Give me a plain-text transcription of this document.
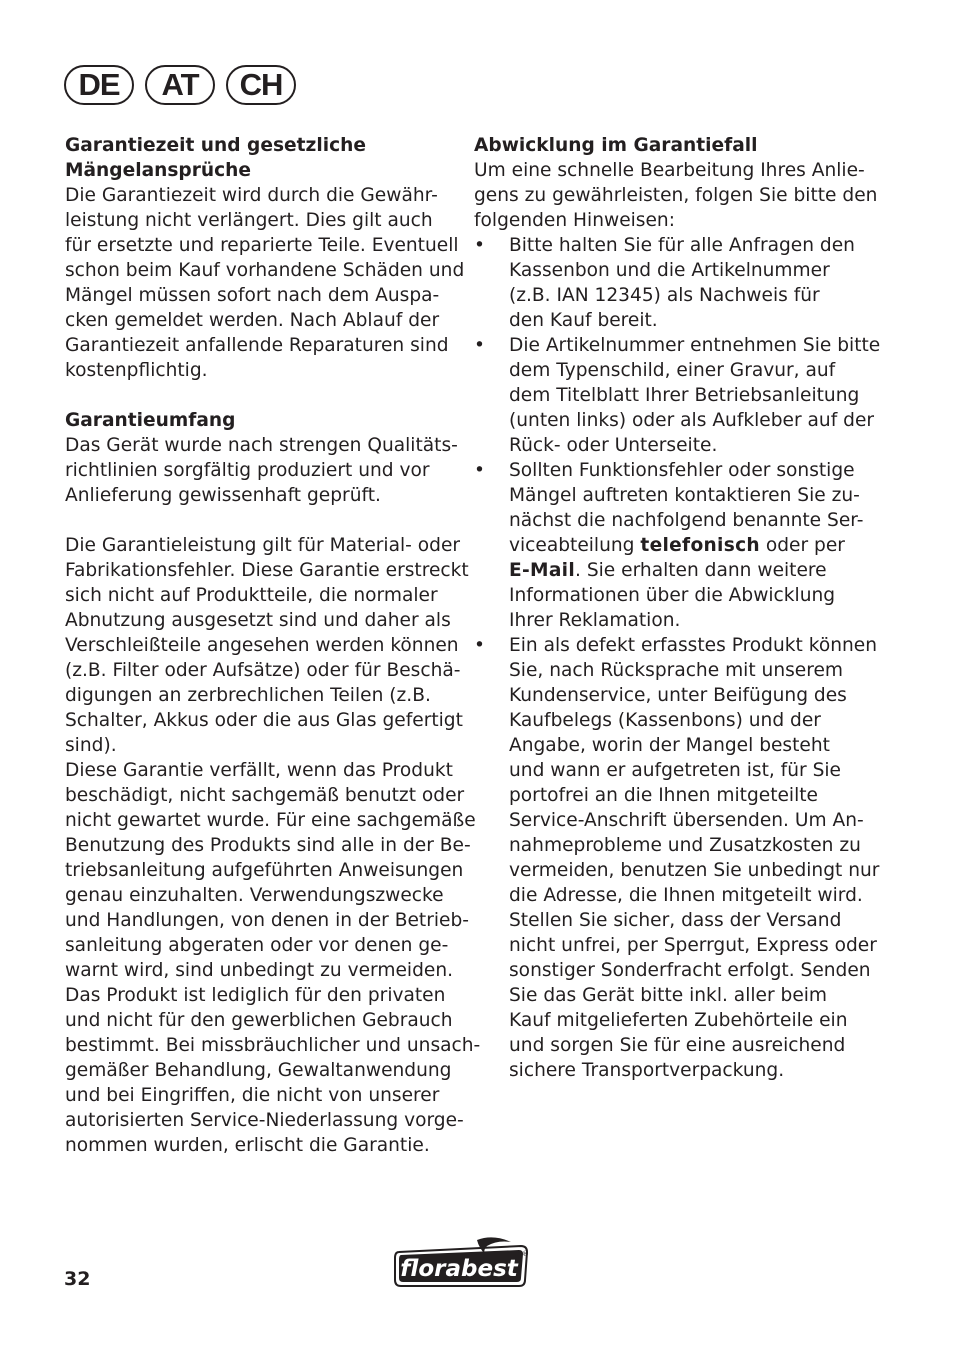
DE	AT	CH
Garantiezeit und gesetzliche
Mängelansprüche
Die Garantiezeit wird durch die Gewähr-
leistung nicht verlängert. Dies gilt auch
für ersetzte und reparierte Teile. Eventuell
schon beim Kauf vorhandene Schäden und
Mängel müssen sofort nach dem Auspa-
cken gemeldet werden. Nach Ablauf der
Garantiezeit anfallende Reparaturen sind
kostenpflichtig.
Garantieumfang
Das Gerät wurde nach strengen Qualitäts-
richtlinien sorgfältig produziert und vor
Anlieferung gewissenhaft geprüft.
Die Garantieleistung gilt für Material- oder
Fabrikationsfehler. Diese Garantie erstreckt
sich nicht auf Produktteile, die normaler
Abnutzung ausgesetzt sind und daher als
Verschleißteile angesehen werden können
(z.B. Filter oder Aufsätze) oder für Beschä-
digungen an zerbrechlichen Teilen (z.B.
Schalter, Akkus oder die aus Glas gefertigt
sind).
Diese Garantie verfällt, wenn das Produkt
beschädigt, nicht sachgemäß benutzt oder
nicht gewartet wurde. Für eine sachgemäße
Benutzung des Produkts sind alle in der Be-
triebsanleitung aufgeführten Anweisungen
genau einzuhalten. Verwendungszwecke
und Handlungen, von denen in der Betrieb-
sanleitung abgeraten oder vor denen ge-
warnt wird, sind unbedingt zu vermeiden.
Das Produkt ist lediglich für den privaten
und nicht für den gewerblichen Gebrauch
bestimmt. Bei missbräuchlicher und unsach-
gemäßer Behandlung, Gewaltanwendung
und bei Eingriffen, die nicht von unserer
autorisierten Service-Niederlassung vorge-
nommen wurden, erlischt die Garantie.
Abwicklung im Garantiefall
Um eine schnelle Bearbeitung Ihres Anlie-
gens zu gewährleisten, folgen Sie bitte den
folgenden Hinweisen:
•	Bitte halten Sie für alle Anfragen den
Kassenbon und die Artikelnummer
(z.B. IAN 12345) als Nachweis für
den Kauf bereit.
•	Die Artikelnummer entnehmen Sie bitte
dem Typenschild, einer Gravur, auf
dem Titelblatt Ihrer Betriebsanleitung
(unten links) oder als Aufkleber auf der
Rück- oder Unterseite.
•	Sollten Funktionsfehler oder sonstige
Mängel auftreten kontaktieren Sie zu-
nächst die nachfolgend benannte Ser-
viceabteilung telefonisch oder per
E-Mail. Sie erhalten dann weitere
Informationen über die Abwicklung
Ihrer Reklamation.
•	Ein als defekt erfasstes Produkt können
Sie, nach Rücksprache mit unserem
Kundenservice, unter Beifügung des
Kaufbelegs (Kassenbons) und der
Angabe, worin der Mangel besteht
und wann er aufgetreten ist, für Sie
portofrei an die Ihnen mitgeteilte
Service-Anschrift übersenden. Um An-
nahmeprobleme und Zusatzkosten zu
vermeiden, benutzen Sie unbedingt nur
die Adresse, die Ihnen mitgeteilt wird.
Stellen Sie sicher, dass der Versand
nicht unfrei, per Sperrgut, Express oder
sonstiger Sonderfracht erfolgt. Senden
Sie das Gerät bitte inkl. aller beim
Kauf mitgelieferten Zubehörteile ein
und sorgen Sie für eine ausreichend
sichere Transportverpackung.
32	florabest
®
